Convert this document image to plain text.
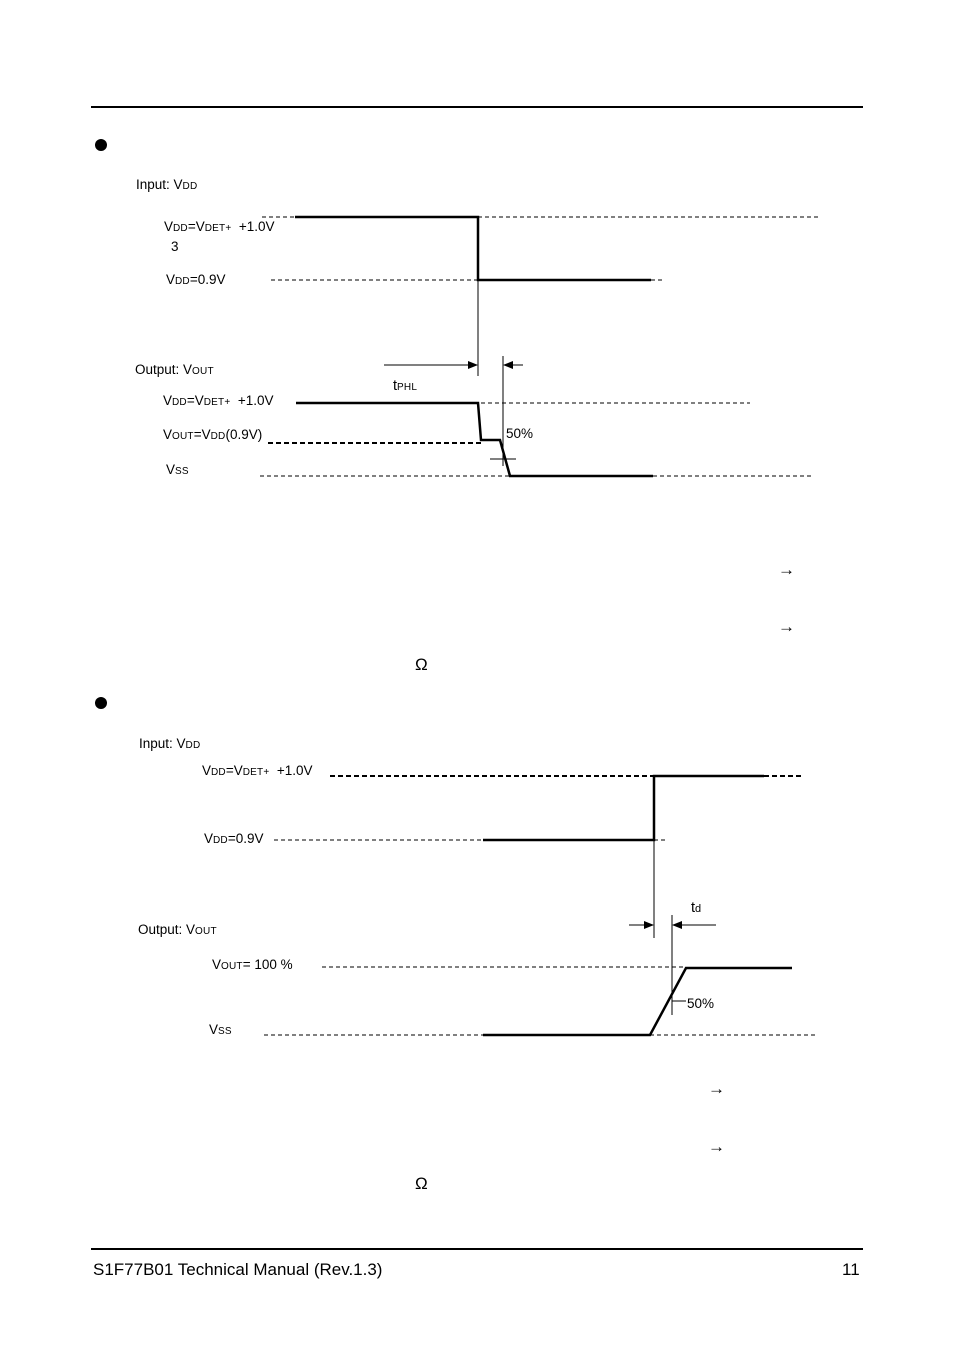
Input: VDD
VDD=VDET+  +1.0V
3
VDD=0.9V
Output: VOUT
tPHL
VDD=VDET+  +1.0V
VOUT=VDD(0.9V)	50%
VSS
→
→
Ω
Input: VDD
VDD=VDET+  +1.0V
VDD=0.9V
td
Output: VOUT
VOUT= 100 %
50%
VSS
→
→
Ω
S1F77B01 Technical Manual (Rev.1.3)	11
